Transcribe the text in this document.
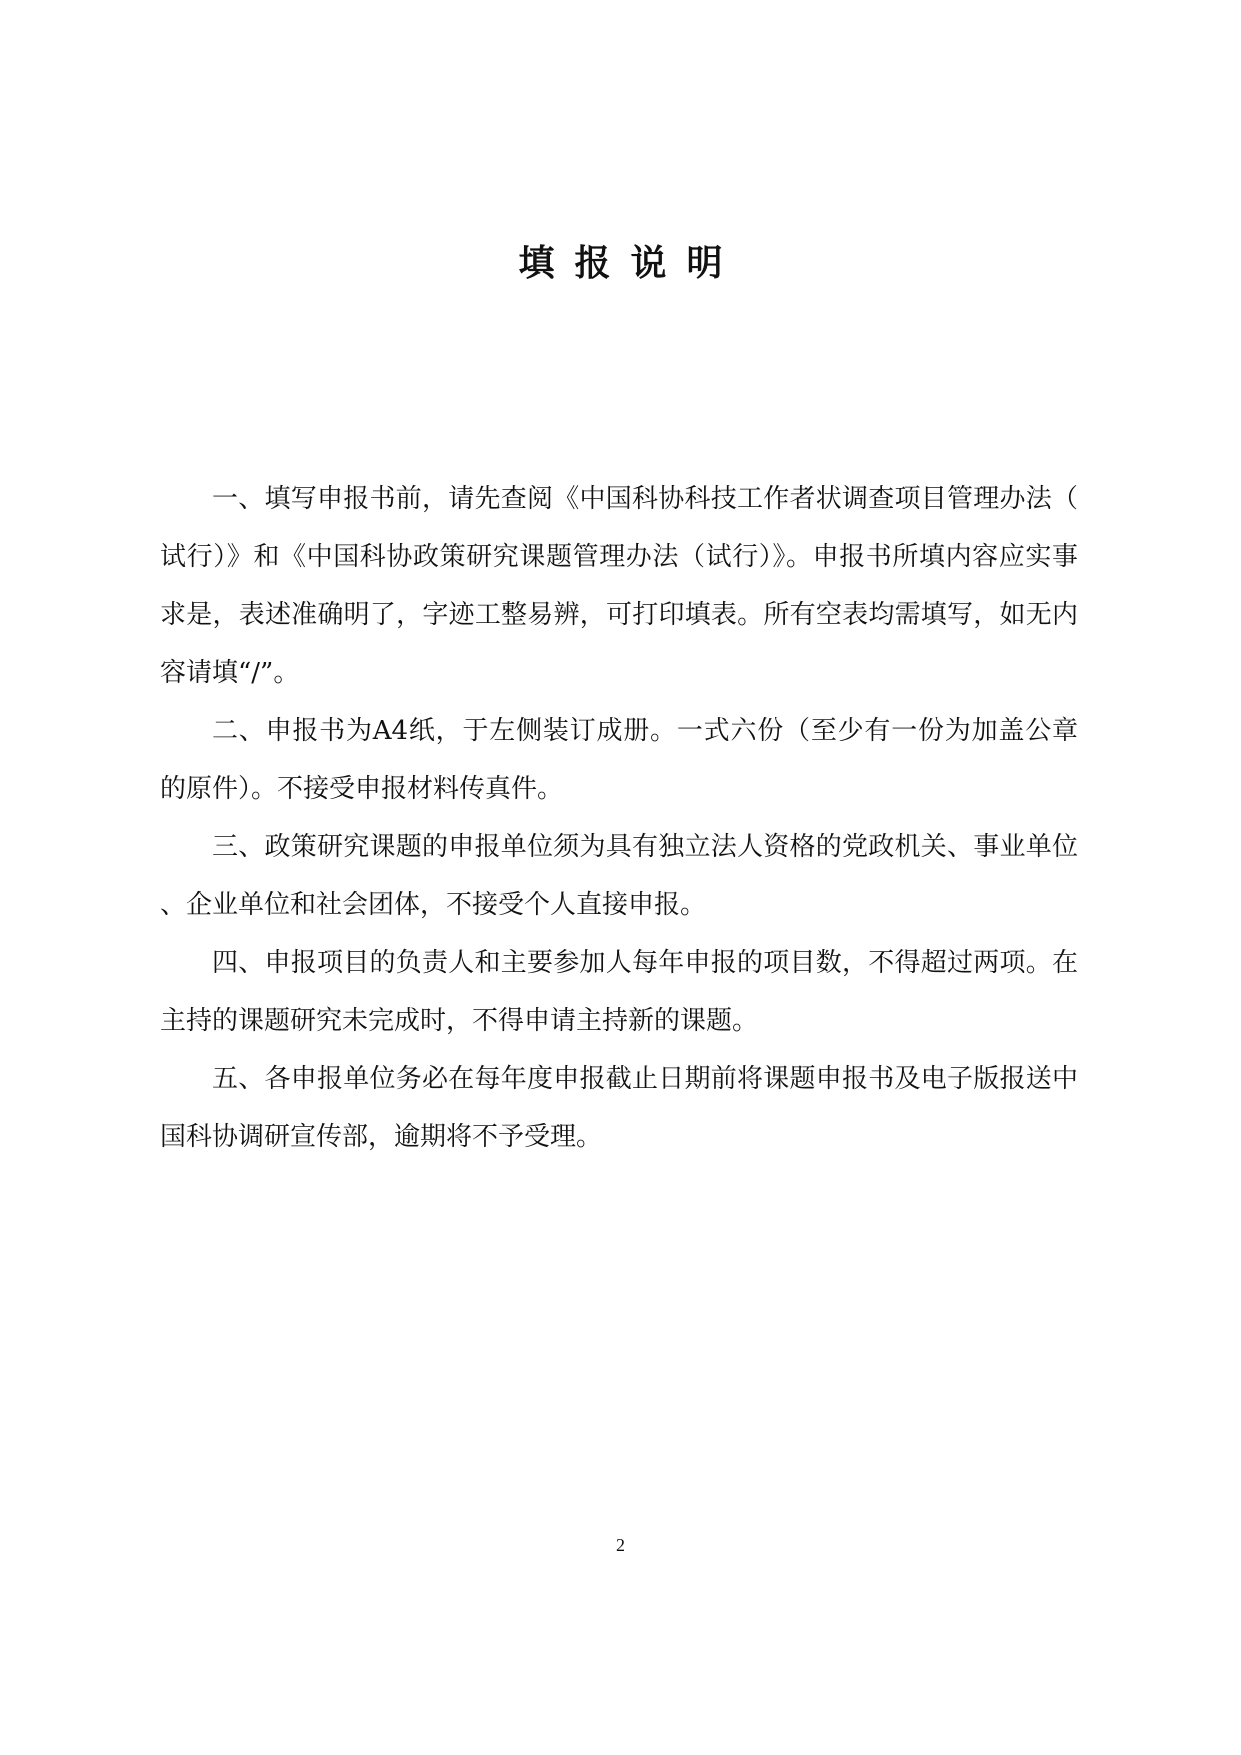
填报说明

一、填写申报书前，请先查阅《中国科协科技工作者状调查项目管理办法（试行）》和《中国科协政策研究课题管理办法（试行）》。申报书所填内容应实事求是，表述准确明了，字迹工整易辨，可打印填表。所有空表均需填写，如无内容请填“/”。

二、申报书为A4纸，于左侧装订成册。一式六份（至少有一份为加盖公章的原件）。不接受申报材料传真件。

三、政策研究课题的申报单位须为具有独立法人资格的党政机关、事业单位、企业单位和社会团体，不接受个人直接申报。

四、申报项目的负责人和主要参加人每年申报的项目数，不得超过两项。在主持的课题研究未完成时，不得申请主持新的课题。

五、各申报单位务必在每年度申报截止日期前将课题申报书及电子版报送中国科协调研宣传部，逾期将不予受理。

2
